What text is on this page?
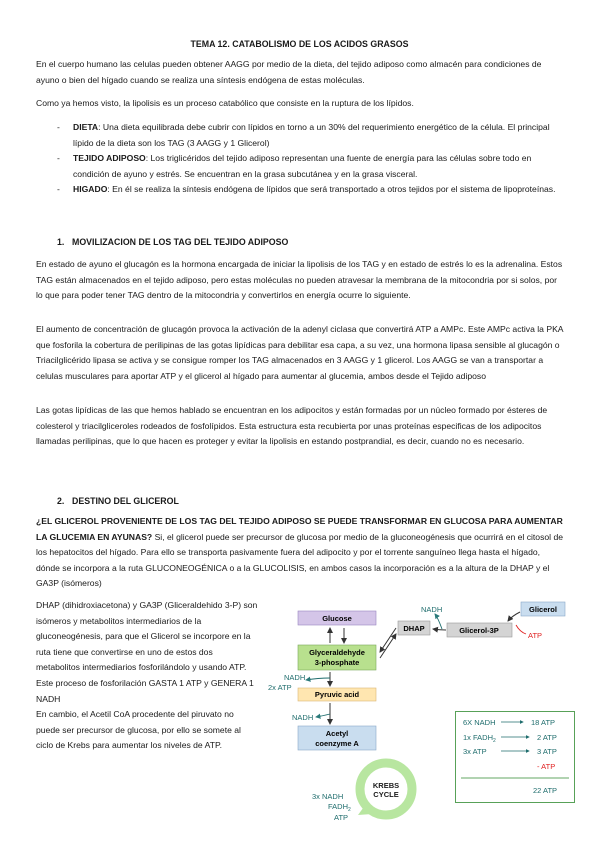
TEMA 12. CATABOLISMO DE LOS ACIDOS GRASOS

En el cuerpo humano las celulas pueden obtener AAGG por medio de la dieta, del tejido adiposo como almacén para condiciones de ayuno o bien del hígado cuando se realiza una síntesis endógena de estas moléculas.

Como ya hemos visto, la lipolisis es un proceso catabólico que consiste en la ruptura de los lípidos.

- DIETA: Una dieta equilibrada debe cubrir con lípidos en torno a un 30% del requerimiento energético de la célula. El principal lípido de la dieta son los TAG (3 AAGG y 1 Glicerol)
- TEJIDO ADIPOSO: Los triglicéridos del tejido adiposo representan una fuente de energía para las células sobre todo en condición de ayuno y estrés. Se encuentran en la grasa subcutánea y en la grasa visceral.
- HIGADO: En él se realiza la síntesis endógena de lípidos que será transportado a otros tejidos por el sistema de lipoproteínas.
1. MOVILIZACION DE LOS TAG DEL TEJIDO ADIPOSO

En estado de ayuno el glucagón es la hormona encargada de iniciar la lipolisis de los TAG y en estado de estrés lo es la adrenalina. Estos TAG están almacenados en el tejido adiposo, pero estas moléculas no pueden atravesar la membrana de la mitocondria por si solos, por lo que para poder tener TAG dentro de la mitocondria y convertirlos en energía ocurre lo siguiente.

El aumento de concentración de glucagón provoca la activación de la adenyl ciclasa que convertirá ATP a AMPc. Este AMPc activa la PKA que fosforila la cobertura de perilipinas de las gotas lipídicas para debilitar esa capa, a su vez, una hormona lipasa sensible al glucagón o Triacilglicérido lipasa se activa y se consigue romper los TAG almacenados en 3 AAGG y 1 glicerol. Los AAGG se van a transportar a celulas musculares para aportar ATP y el glicerol al hígado para aumentar al glucemia, ambos desde el Tejido adiposo

Las gotas lipídicas de las que hemos hablado se encuentran en los adipocitos y están formadas por un núcleo formado por ésteres de colesterol y triacilgliceroles rodeados de fosfolípidos. Esta estructura esta recubierta por unas proteínas especificas de los adipocitos llamadas perilipinas, que lo que hacen es proteger y evitar la lipolisis en estando postprandial, es decir, cuando no es necesario.

2. DESTINO DEL GLICEROL

¿EL GLICEROL PROVENIENTE DE LOS TAG DEL TEJIDO ADIPOSO SE PUEDE TRANSFORMAR EN GLUCOSA PARA AUMENTAR LA GLUCEMIA EN AYUNAS? Si, el glicerol puede ser precursor de glucosa por medio de la gluconeogénesis que ocurrirá en el citosol de los hepatocitos del hígado. Para ello se transporta pasivamente fuera del adipocito y por el torrente sanguíneo llega hasta el hígado, dónde se incorpora a la ruta GLUCONEOGÉNICA o a la GLUCOLISIS, en ambos casos la incorporación es a la altura de la DHAP y el GA3P (isómeros)

DHAP (dihidroxiacetona) y GA3P (Gliceraldehido 3-P) son isómeros y metabolitos intermediarios de la gluconeogénesis, para que el Glicerol se incorpore en la ruta tiene que convertirse en uno de estos dos metabolitos intermediarios fosforilándolo y usando ATP. Este proceso de fosforilación GASTA 1 ATP y GENERA 1 NADH

En cambio, el Acetil CoA procedente del piruvato no puede ser precursor de glucosa, por ello se somete al ciclo de Krebs para aumentar los niveles de ATP.

KREBS
CYCLE
Glucose
Glyceraldehyde
3-phosphate
NADH
2x ATP
Pyruvic acid
NADH
Acetyl
coenzyme A
3x NADH
$FADH_2$
ATP
DHAP	Glicerol-3P
NADH	Glicerol
ATP
6X NADH	18 ATP
1x $FADH_2$	2 ATP
3x ATP	3 ATP
- ATP
22 ATP
